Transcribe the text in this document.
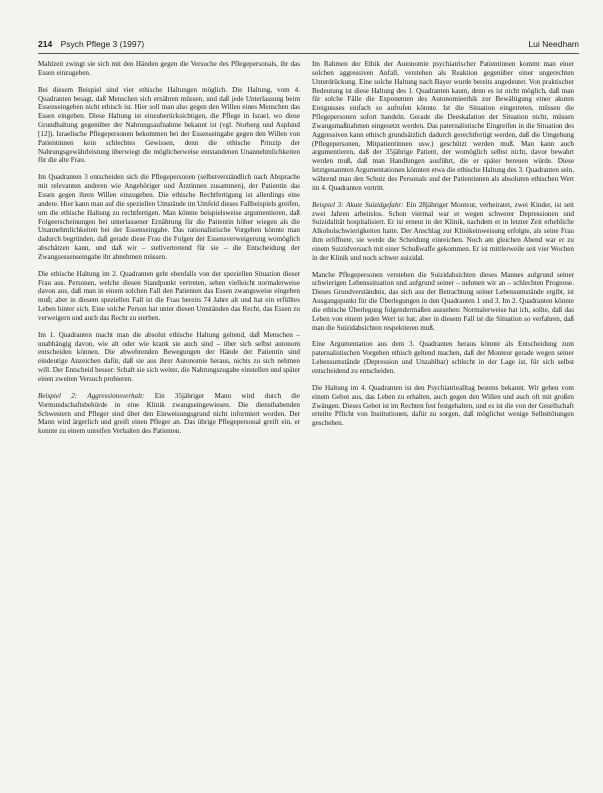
214 Psych Pflege 3 (1997)	Lui Needham

Mahlzeit zwingt sie sich mit den Händen gegen die Versuche des Pflegepersonals, ihr das Essen einzugeben.

Bei diesem Beispiel sind vier ethische Haltungen möglich. Die Haltung, vom 4. Quadranten besagt, daß Menschen sich ernähren müssen, und daß jede Unterlassung beim Essenseingeben nicht ethisch ist. Hier soll man also gegen den Willen eines Menschen das Essen eingeben. Diese Haltung ist einzuberücksichtigen, die Pflege in Israel, wo diese Grundhaltung gegenüber der Nahrungsaufnahme bekannt ist (vgl. Norberg und Asplund [12]). Israelische Pflegepersonen bekommen bei der Essenseingabe gegen den Willen von Patientinnen kein schlechtes Gewissen, denn die ethische Prinzip der Nahrungsgewährleistung überwiegt die möglicherweise entstandenen Unannehmlichkeiten für die alte Frau.

Im Quadranten 3 entscheiden sich die Pflegepersonen (selbstverständlich nach Absprache mit relevanten anderen wie Angehöriger und Ärztinnen zusammen), der Patientin das Essen gegen ihren Willen einzugeben. Die ethische Rechtfertigung ist allerdings eine andere. Hier kann man auf die speziellen Umstände im Umfeld dieses Fallbeispiels greifen, um die ethische Haltung zu rechtfertigen. Man könnte beispielsweise argumentieren, daß Folgeerscheinungen bei unterlassener Ernährung für die Patientin höher wiegen als die Unannehmlichkeiten bei der Essenseingabe. Das rationalistische Vorgehen könnte man dadurch begründen, daß gerade diese Frau die Folgen der Essensverweigerung womöglich abschätzen kann, und daß wir – stellvertretend für sie – die Entscheidung der Zwangsessenseingabe ihr abnehmen müssen.

Die ethische Haltung im 2. Quadranten geht ebenfalls von der speziellen Situation dieser Frau aus. Personen, welche diesen Standpunkt vertreten, sehen vielleicht normalerweise davon aus, daß man in einem solchen Fall den Patienten das Essen zwangsweise eingeben muß; aber in diesem speziellen Fall ist die Frau bereits 74 Jahre alt und hat ein erfülltes Leben hinter sich. Eine solche Person hat unter diesen Umständen das Recht, das Essen zu verweigern und auch das Recht zu sterben.

Im 1. Quadranten macht man die absolut ethische Haltung geltend, daß Menschen – unabhängig davon, wie alt oder wie krank sie auch sind – über sich selbst autonom entscheiden können. Die abwehrenden Bewegungen der Hände der Patientin sind eindeutige Anzeichen dafür, daß sie aus ihrer Autonomie heraus, nichts zu sich nehmen will. Der Entscheid besser: Schaft sie sich weiter, die Nahrungszugabe einstellen und später einen zweiten Versuch probieren.

Beispiel 2: Aggressionsverhalt: Ein 35jähriger Mann wird durch die Vormundschaftsbehörde in eine Klinik zwangseingewiesen. Die diensthabenden Schwestern und Pfleger sind über den Einweisungsgrund nicht informiert worden. Der Mann wird ärgerlich und greift einen Pfleger an. Das übrige Pflegepersonal greift ein, er konnte zu einem unreifen Verhalten des Patienten.

Im Rahmen der Ethik der Autonomie psychiatrischer Patientinnen kommt man einer solchen aggressiven Anfall, verstehen als Reaktion gegenüber einer ungerechten Unterdrückung. Eine solche Haltung nach Bayer wurde bereits angedeutet. Von praktischer Bedeutung ist diese Haltung des 1. Quadranten kaum, denn es ist nicht möglich, daß man für solche Fälle die Exponenten des Autonomieethik zur Bewältigung einer akuten Ereignisses einfach so aufrufen könnte. Ist die Situation eingetreten, müssen die Pflegepersonen sofort handeln. Gerade die Deeskalation der Situation nicht, müssen Zwangsmaßnahmen eingesetzt werden. Das paternalistische Eingreifen in die Situation des Aggressiven kann ethisch grundsätzlich dadurch gerechtfertigt werden, daß die Umgebung (Pflegepersonen, Mitpatientinnen usw.) geschützt werden muß. Man kann auch argumentieren, daß der 35jährige Patient, der womöglich selbst nicht, davor bewahrt werden muß, daß man Handlungen ausführt, die er später bereuen würde. Diese letztgenannten Argumentationen könnten etwa die ethische Haltung des 3. Quadranten sein, während man den Schutz des Personals und der Patientinnen als absoluten ethischen Wert im 4. Quadranten vertritt.

Beispiel 3: Akute Suizidgefahr: Ein 28jähriger Monteur, verheiratet, zwei Kinder, ist seit zwei Jahren arbeitslos. Schon viermal war er wegen schwerer Depressionen und Suizidalität hospitalisiert. Er ist erneut in der Klinik, nachdem er in letzter Zeit erhebliche Alkoholschwierigkeiten hatte. Der Anschlag zur Klinikeinweisung erfolgte, als seine Frau ihm eröffnete, sie werde die Scheidung einreichen. Noch am gleichen Abend war er zu einem Suizidversuch mit einer Schußwaffe gekommen. Er ist mittlerweile seit vier Wochen in der Klinik und noch schwer suizidal.

Manche Pflegepersonen verstehen die Suizidabsichten dieses Mannes aufgrund seiner schwierigen Lebenssituation und aufgrund seiner – nehmen wir an – schlechten Prognose. Dieses Grundverständnis, das sich aus der Betrachtung seiner Lebensumstände ergibt, ist Ausgangspunkt für die Überlegungen in den Quadranten 1 und 3. Im 2. Quadranten könnte die ethische Überlegung folgendermaßen aussehen: Normalerweise hat ich, sollte, daß das Leben von einem jeden Wert ist hat; aber in diesem Fall ist die Situation so verfahren, daß man die Suizidabsichten respektieren muß.

Eine Argumentation aus dem 3. Quadranten heraus könnte als Entscheidung zum paternalistischen Vorgehen ethisch geltend machen, daß der Monteur gerade wegen seiner Lebensumstände (Depression und Unzahlbar) schlecht in der Lage ist, für sich selbst entscheidend zu entscheiden.

Die Haltung im 4. Quadranten ist den Psychiatriealltag bestens bekannt. Wir gehen vom einem Gebot aus, das Leben zu erhalten, auch gegen den Willen und auch oft mit großen Zwängen. Dieses Gebot ist im Rechten fest festgehalten, und es ist die von der Gesellschaft erteilte Pflicht von Institutionen, dafür zu sorgen, daß möglichst wenige Selbsttötungen geschehen.
